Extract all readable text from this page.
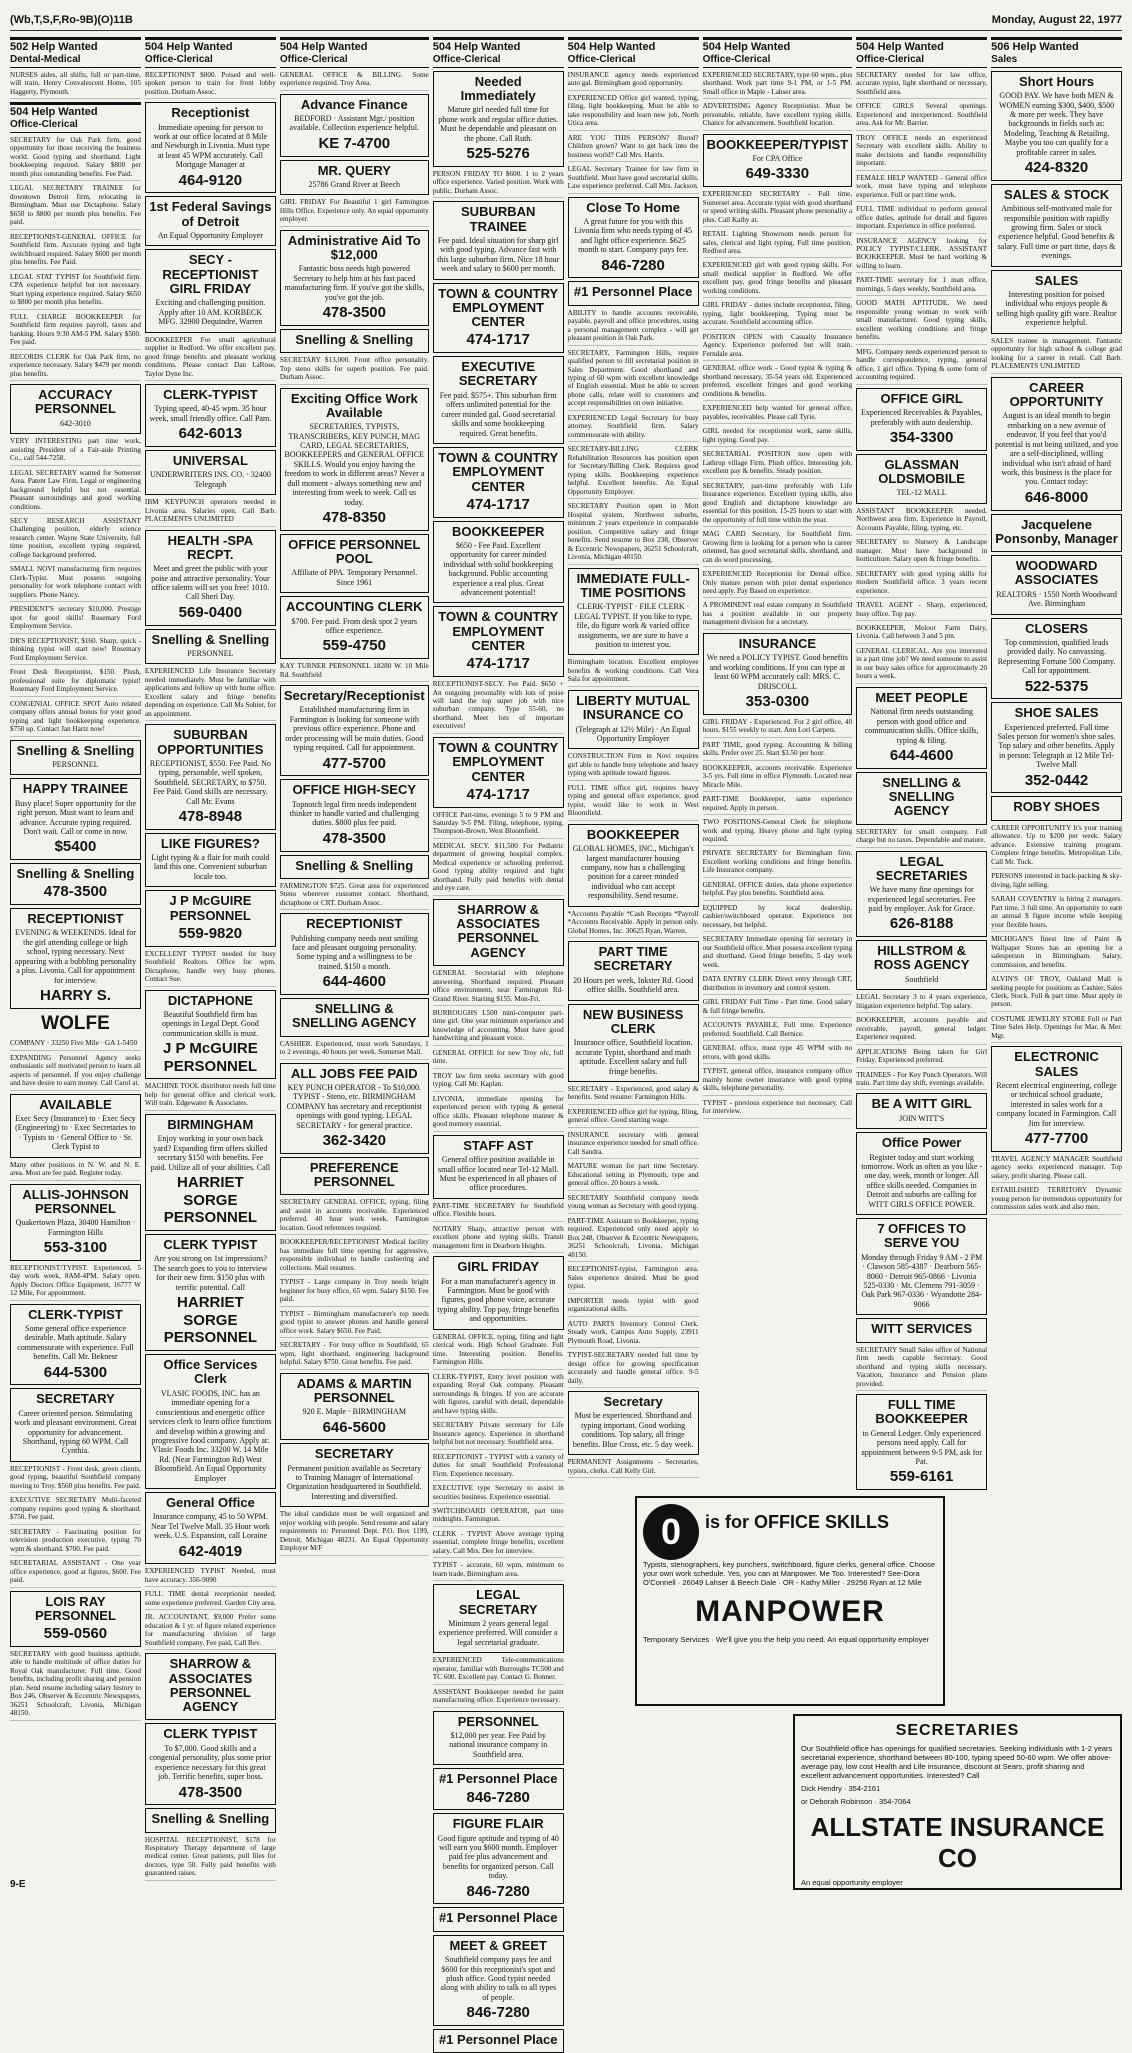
(Wb,T,S,F,Ro-9B)(O)11B	Monday, August 22, 1977
502 Help Wanted
Dental-Medical
NURSES aides, all shifts, full or part-time, will train, Henry Convalescent Home, 105 Haggerty, Plymouth.
504 Help Wanted
Office-Clerical
SECRETARY for Oak Park firm, good opportunity for those receiving the business world. Good typing and shorthand. Light bookkeeping required. Salary $800 per month plus outstanding benefits. Fee Paid.
LEGAL SECRETARY TRAINEE for downtown Detroit firm, relocating in Birmingham. Must use Dictaphone. Salary $650 to $800 per month plus benefits. Fee paid.
RECEPTIONIST-GENERAL OFFICE for Southfield firm. Accurate typing and light switchboard required. Salary $600 per month plus benefits. Fee Paid.
LEGAL STAT TYPIST for Southfield firm. CPA experience helpful but not necessary. Start typing experience required. Salary $650 to $800 per month plus benefits.
FULL CHARGE BOOKKEEPER for Southfield firm requires payroll, taxes and banking. Hours 9:30 AM-5 PM. Salary $500. Fee paid.
RECORDS CLERK for Oak Park firm, no experience necessary. Salary $479 per month plus benefits.
ACCURACY PERSONNEL
642-3010
VERY INTERESTING part time work, assisting President of a Fair-aide Printing Co., call 544-7258.
LEGAL SECRETARY wanted for Somerset Area. Patent Law Firm. Legal or engineering background helpful but not essential. Pleasant surroundings and good working conditions.
SECY RESEARCH ASSISTANT Challenging position, elderly science research center. Wayne State University, full time position, excellent typing required, college background preferred.
SMALL NOVI manufacturing firm requires Clerk-Typist. Must possess outgoing personality for work telephone contact with suppliers. Phone Nancy.
PRESIDENT'S secretary $10,000. Prestige spot for good skills! Rosemary Ford Employment Service.
DR'S RECEPTIONIST, $160. Sharp, quick - thinking typist will start now! Rosemary Ford Employment Service.
Front Desk Receptionist, $150. Plush, professional suite for diplomatic typist! Rosemary Ford Employment Service.
CONGENIAL OFFICE SPOT Auto related company offers annual bonus for your good typing and light bookkeeping experience. $750 up. Contact Jan Hartz now!
Snelling & Snelling
PERSONNEL
HAPPY TRAINEE
Busy place! Super opportunity for the right person. Must want to learn and advance. Accurate typing required. Don't wait. Call or come in now.
$5400
Snelling & Snelling
478-3500
RECEPTIONIST
EVENING & WEEKENDS. Ideal for the girl attending college or high school, typing necessary. Next appearing with a bubbling personality a plus. Livonia. Call for appointment for interview.
HARRY S.
WOLFE
COMPANY · 33250 Five Mile · GA 1-5450
EXPANDING Personnel Agency seeks enthusiastic self motivated person to learn all aspects of personnel. If you enjoy challenge and have desire to earn money. Call Carol at.
AVAILABLE
Exec Secy (Insurance) to · Exec Secy (Engineering) to · Exec Secretaries to · Typists to · General Office to · Sr. Clerk Typist to
Many other positions in N. W. and N. E. area. Most are fee paid. Register today.
ALLIS-JOHNSON PERSONNEL
Quakertown Plaza, 30400 Hamilton · Farmington Hills
553-3100
RECEPTIONIST/TYPIST. Experienced, 5 day work week, 8AM-4PM. Salary open. Apply Doctors Office Equipment, 16777 W 12 Mile, For appointment.
CLERK-TYPIST
Some general office experience desirable. Math aptitude. Salary commensurate with experience. Full benefits. Call Mr. Beknesr
644-5300
SECRETARY
Career oriented person. Stimulating work and pleasant environment. Great opportunity for advancement. Shorthand, typing 60 WPM. Call Cynthia.
RECEPTIONIST - Front desk, green clients, good typing, beautiful Southfield company moving to Troy. $560 plus benefits. Fee paid.
EXECUTIVE SECRETARY Multi-faceted company requires good typing & shorthand. $750. Fee paid.
SECRETARY - Fascinating position for television production executive, typing 70 wpm & shorthand. $700. Fee paid.
SECRETARIAL ASSISTANT - One year office experience, good at figures, $600. Fee paid.
LOIS RAY PERSONNEL
559-0560
SECRETARY with good business aptitude, able to handle multitude of office duties for Royal Oak manufacturer. Full time. Good benefits, including profit sharing and pension plan. Send resume including salary history to Box 246, Observer & Eccentric Newspapers, 36251 Schoolcraft, Livonia, Michigan 48150.
504 Help Wanted
Office-Clerical
RECEPTIONIST $800. Poised and well-spoken person to train for front lobby position. Durham Assoc.
Receptionist
Immediate opening for person to work at our office located at 8 Mile and Newburgh in Livonia. Must type at least 45 WPM accurately. Call Mortgage Manager at
464-9120
1st Federal Savings of Detroit
An Equal Opportunity Employer
SECY - RECEPTIONIST GIRL FRIDAY
Exciting and challenging position. Apply after 10 AM. KORBECK MFG. 32900 Dequindre, Warren
BOOKKEEPER For small agricultural supplier in Redford. We offer excellent pay, good fringe benefits and pleasant working conditions. Please contact Dan LaRose, Taylor Dyne Inc.
CLERK-TYPIST
Typing speed, 40-45 wpm. 35 hour week, small friendly office. Call Pam.
642-6013
UNIVERSAL
UNDERWRITERS INS. CO. · 32400 Telegraph
IBM KEYPUNCH operators needed in Livonia area. Salaries open. Call Barb. PLACEMENTS UNLIMITED
HEALTH -SPA RECPT.
Meet and greet the public with your poise and attractive personality. Your office talents will set you free! 1010. Call Sheri Day.
569-0400
Snelling & Snelling
PERSONNEL
EXPERIENCED Life Insurance Secretary needed immediately. Must be familiar with applications and follow up with home office. Excellent salary and fringe benefits depending on experience. Call Ms Sohier, for an appointment.
SUBURBAN OPPORTUNITIES
RECEPTIONIST, $550. Fee Paid. No typing, personable, well spoken, Southfield. SECRETARY, to $750. Fee Paid. Good skills are necessary. Call Mr. Evans
478-8948
LIKE FIGURES?
Light typing & a flair for math could land this one. Convenient suburban locale too.
J P McGUIRE PERSONNEL
559-9820
EXCELLENT TYPIST needed for busy Southfield Realtors. Office for wpm. Dictaphone, handle very busy phones. Contact Sue.
DICTAPHONE
Beautiful Southfield firm has openings in Legal Dept. Good communication skills is must.
J P McGUIRE PERSONNEL
MACHINE TOOL distributor needs full time help for general office and clerical work. Will train. Edgewater & Associates.
BIRMINGHAM
Enjoy working in your own back yard? Expanding firm offers skilled secretary $150 with benefits. Fee paid. Utilize all of your abilities. Call
HARRIET SORGE PERSONNEL
CLERK TYPIST
Are you strong on 1st impressions? The search goes to you to interview for their new firm. $150 plus with terrific potential. Call
HARRIET SORGE PERSONNEL
Office Services Clerk
VLASIC FOODS, INC. has an immediate opening for a conscientious and energetic office services clerk to learn office functions and develop within a growing and progressive food company. Apply at: Vlasic Foods Inc. 33200 W. 14 Mile Rd. (Near Farmington Rd) West Bloomfield. An Equal Opportunity Employer
General Office
Insurance company, 45 to 50 WPM. Near Tel Twelve Mall. 35 Hour work week. U.S. Expansion, call Loraine
642-4019
EXPERIENCED TYPIST Needed, must have accuracy. 356-9090
FULL TIME dental receptionist needed, some experience preferred. Garden City area.
JR. ACCOUNTANT, $9,000 Prefer some education & 1 yr. of figure related experience for manufacturing division of large Southfield company. Fee paid, Call Bev.
SHARROW & ASSOCIATES PERSONNEL AGENCY
CLERK TYPIST
To $7,000. Good skills and a congenial personality, plus some prior experience necessary for this great job. Terrific benefits, super boss.
478-3500
Snelling & Snelling
HOSPITAL RECEPTIONIST, $178 for Respiratory Therapy department of large medical center. Great patients, pull files for doctors, type 50. Fully paid benefits with guaranteed raises.
504 Help Wanted
Office-Clerical
GENERAL OFFICE & BILLING. Some experience required. Troy Area.
Advance Finance
BEDFORD · Assistant Mgr./ position available. Collection experience helpful.
KE 7-4700
MR. QUERY
25786 Grand River at Beech
GIRL FRIDAY For Beautiful 1 girl Farmington Hills Office. Experience only. An equal opportunity employer.
Administrative Aid To $12,000
Fantastic boss needs high powered Secretary to help him at his fast paced manufacturing firm. If you've got the skills, you've got the job.
478-3500
Snelling & Snelling
SECRETARY $13,000. Front office personality. Top steno skills for superb position. Fee paid. Durham Assoc.
Exciting Office Work Available
SECRETARIES, TYPISTS, TRANSCRIBERS, KEY PUNCH, MAG CARD, LEGAL SECRETARIES, BOOKKEEPERS and GENERAL OFFICE SKILLS. Would you enjoy having the freedom to work in different areas? Never a dull moment - always something new and interesting from week to week. Call us today.
478-8350
OFFICE PERSONNEL POOL
Affiliate of PPA. Temporary Personnel. Since 1961
ACCOUNTING CLERK
$700. Fee paid. From desk spot 2 years office experience.
559-4750
KAY TURNER PERSONNEL 18280 W. 10 Mile Rd. Southfield
Secretary/Receptionist
Established manufacturing firm in Farmington is looking for someone with previous office experience. Phone and order processing will be main duties. Good typing required. Call for appointment.
477-5700
OFFICE HIGH-SECY
Topnotch legal firm needs independent thinker to handle varied and challenging duties. $800 plus fee paid.
478-3500
Snelling & Snelling
FARMINGTON $725. Great area for experienced Steno wherever customer contact. Shorthand, dictaphone or CRT. Durham Assoc.
RECEPTIONIST
Publishing company needs neat smiling face and pleasant outgoing personality. Some typing and a willingness to be trained. $150 a month.
644-4600
SNELLING & SNELLING AGENCY
CASHIER. Experienced, must work Saturdays, 1 to 2 evenings, 40 hours per week. Somerset Mall.
ALL JOBS FEE PAID
KEY PUNCH OPERATOR - To $10,000. TYPIST - Steno, etc. BIRMINGHAM COMPANY has secretary and receptionist openings with good typing. LEGAL SECRETARY - for general practice.
362-3420
PREFERENCE PERSONNEL
SECRETARY GENERAL OFFICE, typing, filing and assist in accounts receivable. Experienced preferred. 40 hour work week. Farmington location. Good references required.
BOOKKEEPER/RECEPTIONIST Medical facility has immediate full time opening for aggressive, responsible individual to handle cashiering and collections. Mail resumes.
TYPIST - Large company in Troy needs bright beginner for busy office, 65 wpm. Salary $150. Fee paid.
TYPIST - Birmingham manufacturer's rep needs good typist to answer phones and handle general office work. Salary $650. Fee Paid.
SECRETARY - For busy office in Southfield, 65 wpm, light shorthand, engineering background helpful. Salary $750. Great benefits. Fee paid.
ADAMS & MARTIN PERSONNEL
920 E. Maple · BIRMINGHAM
646-5600
SECRETARY
Permanent position available as Secretary to Training Manager of International Organization headquartered in Southfield. Interesting and diversified.
The ideal candidate must be well organized and enjoy working with people. Send resume and salary requirements to: Personnel Dept. P.O. Box 1199, Detroit, Michigan 48231. An Equal Opportunity Employer M/F
504 Help Wanted
Office-Clerical
Needed Immediately
Mature girl needed full time for phone work and regular office duties. Must be dependable and pleasant on the phone. Call Ruth.
525-5276
PERSON FRIDAY TO $600. 1 to 2 years office experience. Varied position. Work with public. Durham Assoc.
SUBURBAN TRAINEE
Fee paid. Ideal situation for sharp girl with good typing. Advance fast with this large suburban firm. Nice 18 hour week and salary to $600 per month.
TOWN & COUNTRY EMPLOYMENT CENTER
474-1717
EXECUTIVE SECRETARY
Fee paid. $575+. This suburban firm offers unlimited potential for the career minded gal. Good secretarial skills and some bookkeeping required. Great benefits.
TOWN & COUNTRY EMPLOYMENT CENTER
474-1717
BOOKKEEPER
$650 - Fee Paid. Excellent opportunity for career minded individual with solid bookkeeping background. Public accounting experience a real plus. Great advancement potential!
TOWN & COUNTRY EMPLOYMENT CENTER
474-1717
RECEPTIONIST-SECY. Fee Paid. $650 + An outgoing personality with lots of poise will land the top super job with nice suburban company. Type 55-60, no shorthand. Meet lots of important executives!
TOWN & COUNTRY EMPLOYMENT CENTER
474-1717
OFFICE Part-time, evenings 5 to 9 PM and Saturday 9-5 PM. Filing, telephone, typing. Thompson-Brown, West Bloomfield.
MEDICAL SECY. $11,500 For Pediatric department of growing hospital complex. Medical experience or schooling preferred. Good typing ability required and light shorthand. Fully paid benefits with dental and eye care.
SHARROW & ASSOCIATES PERSONNEL AGENCY
GENERAL Secretarial with telephone answering. Shorthand required. Pleasant office environment, near Farmington Rd-Grand River. Starting $155. Mon-Fri.
BURROUGHS L500 mini-computer part-time girl. One year minimum experience and knowledge of accounting. Must have good handwriting and pleasant voice.
GENERAL OFFICE for new Troy ofc, full time.
TROY law firm seeks secretary with good typing. Call Mr. Kaplan.
LIVONIA, immediate opening for experienced person with typing & general office skills. Pleasant telephone manner & good memory essential.
STAFF AST
General office position available in small office located near Tel-12 Mall. Must be experienced in all phases of office procedures.
PART-TIME SECRETARY for Southfield office. Flexible hours.
NOTARY Sharp, attractive person with excellent phone and typing skills. Transit management firm in Dearborn Heights.
GIRL FRIDAY
For a man manufacturer's agency in Farmington. Must be good with figures, good phone voice, accurate typing ability. Top pay, fringe benefits and opportunities.
GENERAL OFFICE, typing, filing and light clerical work. High School Graduate. Full time. Interesting position. Benefits. Farmington Hills.
CLERK-TYPIST, Entry level position with expanding Royal Oak company. Pleasant surroundings & fringes. If you are accurate with figures, careful with detail, dependable and have typing skills.
SECRETARY Private secretary for Life Insurance agency. Experience in shorthand helpful but not necessary. Southfield area.
RECEPTIONIST - TYPIST with a variety of duties for small Southfield Professional Firm. Experience necessary.
EXECUTIVE type Secretary to assist in securities business. Experience essential.
SWITCHBOARD OPERATOR, part time midnights. Farmington.
CLERK - TYPIST Above average typing essential, complete fringe benefits, excellent salary. Call Mrs. Dee for interview.
TYPIST - accurate, 60 wpm, minimum to learn trade, Birmingham area.
LEGAL SECRETARY
Minimum 2 years general legal experience preferred. Will consider a legal secretarial graduate.
EXPERIENCED Tele-communications operator, familiar with Burroughs TC500 and TC 600. Excellent pay. Contact G. Bonner.
ASSISTANT Bookkeeper needed for paint manufacturing office. Experience necessary.
PERSONNEL
$12,000 per year. Fee Paid by national insurance company in Southfield area.
#1 Personnel Place
846-7280
FIGURE FLAIR
Good figure aptitude and typing of 40 will earn you $600 month. Employer paid fee plus advancement and benefits for organized person. Call today.
846-7280
#1 Personnel Place
MEET & GREET
Southfield company pays fee and $600 for this receptionist's spot and plush office. Good typist needed along with ability to talk to all types of people.
846-7280
#1 Personnel Place
504 Help Wanted
Office-Clerical
INSURANCE agency needs experienced auto gal. Birmingham good opportunity.
EXPERIENCED Office girl wanted, typing, filing, light bookkeeping. Must be able to take responsibility and learn new job. North Utica area.
ARE YOU THIS PERSON? Bored? Children grown? Want to get back into the business world? Call Mrs. Harris.
LEGAL Secretary Trainee for law firm in Southfield. Must have good secretarial skills. Law experience preferred. Call Mrs. Jackson.
Close To Home
A great future for you with this Livonia firm who needs typing of 45 and light office experience. $625 month to start. Company pays fee.
846-7280
#1 Personnel Place
ABILITY to handle accounts receivable, payable, payroll and office procedures, using a personal management complex - will get pleasant position in Oak Park.
SECRETARY, Farmington Hills, require qualified person to fill secretarial position in Sales Department. Good shorthand and typing of 60 wpm with excellent knowledge of English essential. Must be able to screen phone calls, relate well to customers and accept responsibilities on own initiative.
EXPERIENCED Legal Secretary for busy attorney. Southfield firm. Salary commensurate with ability.
SECRETARY-BILLING CLERK Rehabilitation Resources has position open for Secretary/Billing Clerk. Requires good typing skills. Bookkeeping experience helpful. Excellent benefits. An Equal Opportunity Employer.
SECRETARY Position open in Mott Hospital system, Northwest suburbs, minimum 2 years experience in comparable position. Competitive salary and fringe benefits. Send resume to Box 238, Observer & Eccentric Newspapers, 36251 Schoolcraft, Livonia, Michigan 48150.
IMMEDIATE FULL-TIME POSITIONS
CLERK-TYPIST · FILE CLERK · LEGAL TYPIST. If you like to type, file, do figure work & varied office assignments, we are sure to have a position to interest you.
Birmingham location. Excellent employee benefits & working conditions. Call Vera Sala for appointment.
LIBERTY MUTUAL INSURANCE CO
(Telegraph at 12½ Mile) · An Equal Opportunity Employer
CONSTRUCTION Firm in Novi requires girl able to handle busy telephone and heavy typing with aptitude toward figures.
FULL TIME office girl, requires heavy typing and general office experience, good typist, would like to work in West Bloomfield.
BOOKKEEPER
GLOBAL HOMES, INC., Michigan's largest manufacturer housing company, now has a challenging position for a career minded individual who can accept responsibility. Send resume.
*Accounts Payable *Cash Receipts *Payroll *Accounts Receivable. Apply in person only. Global Homes, Inc. 30625 Ryan, Warren.
PART TIME SECRETARY
20 Hours per week, Inkster Rd. Good office skills. Southfield area.
NEW BUSINESS CLERK
Insurance office, Southfield location. accurate Typist, shorthand and math aptitude. Excellent salary and full fringe benefits.
SECRETARY - Experienced, good salary & benefits. Send resume: Farmington Hills.
EXPERIENCED office girl for typing, filing, general office. Good starting wage.
INSURANCE secretary with general insurance experience needed for small office. Call Sandra.
MATURE woman for part time Secretary. Educational setting in Plymouth, type and general office. 20 hours a week.
SECRETARY Southfield company needs young woman as Secretary with good typing.
PART-TIME Assistant to Bookkeeper, typing required. Experienced only need apply to Box 248, Observer & Eccentric Newspapers, 36251 Schoolcraft, Livonia, Michigan 48150.
RECEPTIONIST-typist, Farmington area. Sales experience desired. Must be good typist.
IMPORTER needs typist with good organizational skills.
AUTO PARTS Inventory Control Clerk. Steady work, Campus Auto Supply, 23911 Plymouth Road, Livonia.
TYPIST-SECRETARY needed full time by design office for growing specification accurately and handle general office. 9-5 daily.
Secretary
Must be experienced. Shorthand and typing important. Good working conditions. Top salary, all fringe benefits. Blue Cross, etc. 5 day week.
PERMANENT Assignments - Secretaries, typists, clerks. Call Kelly Girl.
504 Help Wanted
Office-Clerical
EXPERIENCED SECRETARY, type 60 wpm., plus shorthand. Work part time 9-1 PM, or 1-5 PM. Small office in Maple - Lahser area.
ADVERTISING Agency Receptionist. Must be personable, reliable, have excellent typing skills. Chance for advancement. Southfield location.
BOOKKEEPER/TYPIST
For CPA Office
649-3330
EXPERIENCED SECRETARY - Full time, Somerset area. Accurate typist with good shorthand or speed writing skills. Pleasant phone personality a plus. Call Kathy at.
RETAIL Lighting Showroom needs person for sales, clerical and light typing. Full time position, Redford area.
EXPERIENCED girl with good typing skills. For small medical supplier in Redford. We offer excellent pay, good fringe benefits and pleasant working conditions.
GIRL FRIDAY - duties include receptionist, filing, typing, light bookkeeping. Typing must be accurate. Southfield accounting office.
POSITION OPEN with Casualty Insurance Agency. Experience preferred but will train. Ferndale area.
GENERAL office work - Good typist & typing & shorthand necessary, 35-54 years old. Experienced preferred, excellent fringes and good working conditions & benefits.
EXPERIENCED help wanted for general office, payables, receivables. Please call Tyrie.
GIRL needed for receptionist work, same skills, light typing. Good pay.
SECRETARIAL POSITION now open with Lathrup village Firm. Plush office. Interesting job, excellent pay & benefits. Steady position.
SECRETARY, part-time preferably with Life Insurance experience. Excellent typing skills, also good English and dictaphone knowledge are essential for this position. 15-25 hours to start with the opportunity of full time within the year.
MAG CARD Secretary, for Southfield firm. Growing firm is looking for a person who is career oriented, has good secretarial skills, shorthand, and can do word processing.
EXPERIENCED Receptionist for Dental office. Only mature person with prior dental experience need apply. Pay Based on experience.
A PROMINENT real estate company in Southfield has a position available in our property management division for a secretary.
INSURANCE
We need a POLICY TYPIST. Good benefits and working conditions. If you can type at least 60 WPM accurately call: MRS. C. DRISCOLL
353-0300
GIRL FRIDAY - Experienced. For 2 girl office, 40 hours. $155 weekly to start. Ann Lori Carpets.
PART TIME, good typing. Accounting & billing skills. Prefer over 25. Start $3.50 per hour.
BOOKKEEPER, accounts receivable. Experience 3-5 yrs. Full time in office Plymouth. Located near Miracle Mile.
PART-TIME Bookkeeper, same experience required. Apply in person.
TWO POSITIONS-General Clerk for telephone work and typing. Heavy phone and light typing required.
PRIVATE SECRETARY for Birmingham firm. Excellent working conditions and fringe benefits. Life Insurance company.
GENERAL OFFICE duties, data phone experience helpful. Pay plus benefits. Southfield area.
EQUIPPED by local dealership, cashier/switchboard operator. Experience not necessary, but helpful.
SECRETARY Immediate opening for secretary in our Southfield office. Must possess excellent typing and shorthand. Good fringe benefits, 5 day work week.
DATA ENTRY CLERK Direct entry through CRT, distribution in inventory and control system.
GIRL FRIDAY Full Time - Part time. Good salary & full fringe benefits.
ACCOUNTS PAYABLE, Full time. Experience preferred. Southfield. Call Bernice.
GENERAL office, must type 45 WPM with no errors, with good skills.
TYPIST, general office, insurance company office mainly home owner insurance with good typing skills, telephone personality.
TYPIST - previous experience not necessary. Call for interview.
504 Help Wanted
Office-Clerical
SECRETARY needed for law office, accurate typist, light shorthand or necessary, Southfield area.
OFFICE GIRLS Several openings. Experienced and inexperienced. Southfield area. Ask for Mr. Barrier.
TROY OFFICE needs an experienced Secretary with excellent skills. Ability to make decisions and handle responsibility important.
FEMALE HELP WANTED - General office work, must have typing and telephone experience. Full or part time work.
FULL TIME individual to perform general office duties, aptitude for detail and figures important. Experience in office preferred.
INSURANCE AGENCY looking for POLICY TYPIST/CLERK. ASSISTANT BOOKKEEPER. Must be hard working & willing to learn.
PART-TIME secretary for 1 man office, mornings, 5 days weekly, Southfield area.
GOOD MATH APTITUDE, We need responsible young woman to work with small manufacturer. Good typing skills, excellent working conditions and fringe benefits.
MFG. Company needs experienced person to handle correspondence, typing, general office, 1 girl office. Typing & some form of accounting required.
OFFICE GIRL
Experienced Receivables & Payables, preferably with auto dealership.
354-3300
GLASSMAN OLDSMOBILE
TEL-12 MALL
ASSISTANT BOOKKEEPER needed. Northwest area firm. Experience in Payroll, Accounts Payable, filing, typing, etc.
SECRETARY to Nursery & Landscape manager. Must have background in horticulture. Salary open & fringe benefits.
SECRETARY with good typing skills for modern Southfield office. 3 years recent experience.
TRAVEL AGENT - Sharp, experienced, busy office. Top pay.
BOOKKEEPER, Meloor Farm Dairy, Livonia. Call between 3 and 5 pm.
GENERAL CLERICAL. Are you interested in a part time job? We need someone to assist in our busy sales office for approximately 20 hours a week.
MEET PEOPLE
National firm needs outstanding person with good office and communication skills. Office skills, typing & filing.
644-4600
SNELLING & SNELLING AGENCY
SECRETARY for small company. Full charge but no taxes. Dependable and mature.
LEGAL SECRETARIES
We have many fine openings for experienced legal secretaries. Fee paid by employer. Ask for Grace.
626-8188
HILLSTROM & ROSS AGENCY
Southfield
LEGAL Secretary 3 to 4 years experience, litigation experience helpful. Top salary.
BOOKKEEPER, accounts payable and receivable, payroll, general ledger. Experience required.
APPLICATIONS Being taken for Girl Friday. Experienced preferred.
TRAINEES - For Key Punch Operators. Will train. Part time day shift, evenings available.
BE A WITT GIRL
JOIN WITT'S
Office Power
Register today and start working tomorrow. Work as often as you like - one day, week, month or longer. All office skills needed. Companies in Detroit and suburbs are calling for WITT GIRLS OFFICE POWER.
7 OFFICES TO SERVE YOU
Monday through Friday 9 AM - 2 PM · Clawson 585-4387 · Dearborn 565-8060 · Detroit 965-0866 · Livonia 525-0330 · Mt. Clemens 791-3059 · Oak Park 967-0336 · Wyandotte 284-9066
WITT SERVICES
SECRETARY Small Sales office of National firm needs capable Secretary. Good shorthand and typing skills necessary. Vacation, Insurance and Pension plans provided.
FULL TIME BOOKKEEPER
to General Ledger. Only experienced persons need apply. Call for appointment between 9-5 PM, ask for Pat.
559-6161
506 Help Wanted
Sales
Short Hours
GOOD PAY. We have both MEN & WOMEN earning $300, $400, $500 & more per week. They have backgrounds in fields such as: Modeling, Teaching & Retailing. Maybe you too can qualify for a profitable career in sales.
424-8320
SALES & STOCK
Ambitious self-motivated male for responsible position with rapidly growing firm. Sales or stock experience helpful. Good benefits & salary. Full time or part time, days & evenings.
SALES
Interesting position for poised individual who enjoys people & selling high quality gift ware. Realtor experience helpful.
SALES trainee in management. Fantastic opportunity for high school & college grad looking for a career in retail. Call Barb. PLACEMENTS UNLIMITED
CAREER OPPORTUNITY
August is an ideal month to begin embarking on a new avenue of endeavor. If you feel that you'd potential is not being utilized, and you are a self-disciplined, willing individual who isn't afraid of hard work, this business is the place for you. Contact today:
646-8000
Jacquelene Ponsonby, Manager
WOODWARD ASSOCIATES
REALTORS · 1550 North Woodward Ave. Birmingham
CLOSERS
Top commission, qualified leads provided daily. No canvassing. Representing Fortune 500 Company. Call for appointment.
522-5375
SHOE SALES
Experienced preferred. Full time Sales person for women's shoe sales. Top salary and other benefits. Apply in person: Telegraph at 12 Mile Tel-Twelve Mall
352-0442
ROBY SHOES
CAREER OPPORTUNITY It's your training allowance. Up to $200 per week. Salary advance. Extensive training program. Complete fringe benefits. Metropolitan Life, Call Mr. Tuck.
PERSONS interested in back-packing & sky-diving, light selling.
SARAH COVENTRY is hiring 2 managers. Part time, 3 full time. An opportunity to earn an annual $ figure income while keeping your flexible hours.
MICHIGAN'S finest line of Paint & Wallpaper Stores has an opening for a salesperson in Birmingham. Salary, commission, and benefits.
ALVIN'S OF TROY, Oakland Mall is seeking people for positions as Cashier, Sales Clerk, Stock. Full & part time. Must apply in person.
COSTUME JEWELRY STORE Full or Part Time Sales Help. Openings for Mar. & Mer. Mgr.
ELECTRONIC SALES
Recent electrical engineering, college or technical school graduate, interested in sales work for a company located in Farmington. Call Jim for interview.
477-7700
TRAVEL AGENCY MANAGER Southfield agency seeks experienced manager. Top salary, profit sharing. Please call.
ESTABLISHED TERRITORY Dynamic young person for tremendous opportunity for commission sales work and also men.
0	is for OFFICE SKILLS
Typists, stenographers, key punchers, switchboard, figure clerks, general office. Choose your own work schedule. Yes, you can at Manpower. Me Too. Interested? See-Dora O'Connell · 26049 Lahser & Beech Dale · OR - Kathy Miller · 29256 Ryan at 12 Mile
MANPOWER
Temporary Services · We'll give you the help you need. An equal opportunity employer
SECRETARIES
Our Southfield office has openings for qualified secretaries. Seeking individuals with 1-2 years secretarial experience, shorthand between 80-100, typing speed 50-60 wpm. We offer above-average pay, low cost Health and Life insurance, discount at Sears, profit sharing and excellent advancement opportunities. Interested? Call
Dick Hendry · 354-2161
or Deborah Robinson · 354-7064
ALLSTATE INSURANCE CO
An equal opportunity employer
9-E
